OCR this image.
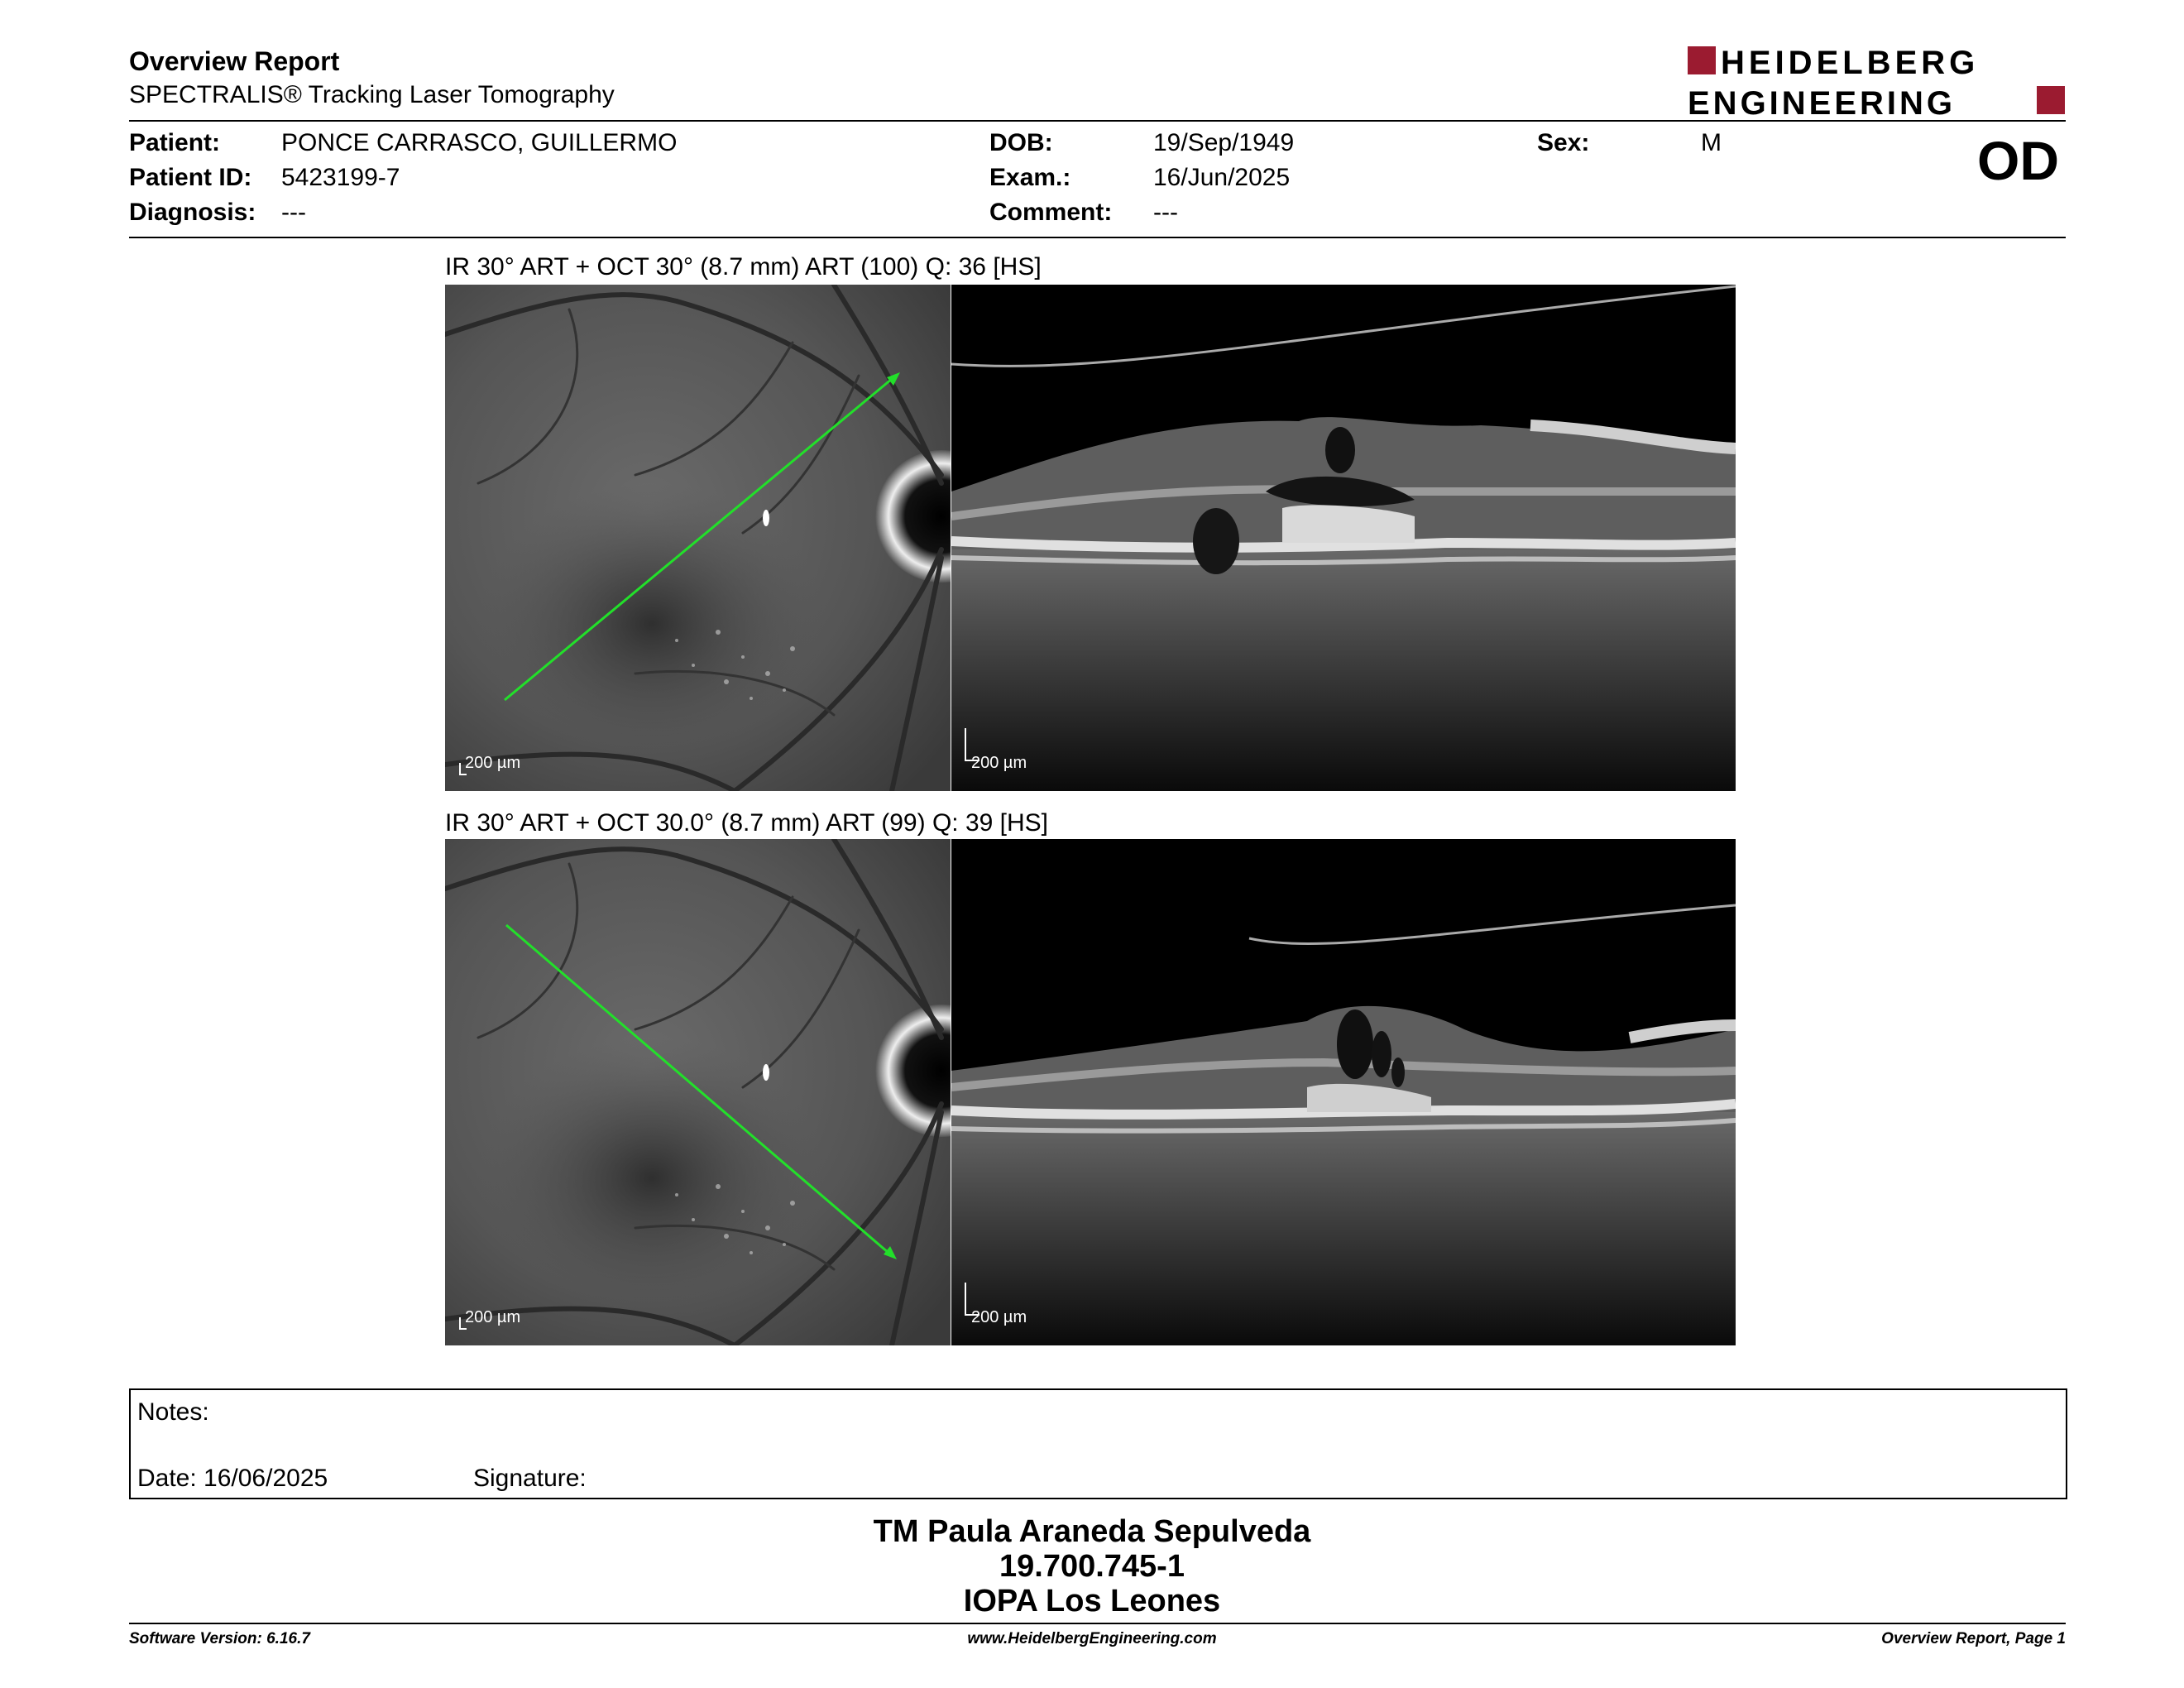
Overview Report
SPECTRALIS® Tracking Laser Tomography
HEIDELBERG
ENGINEERING
Patient: PONCE CARRASCO, GUILLERMO
Patient ID: 5423199-7
Diagnosis: ---
DOB:	19/Sep/1949
Exam.:	16/Jun/2025
Comment: ---
Sex:	M	OD
IR 30° ART + OCT 30° (8.7 mm) ART (100) Q: 36 [HS]
200 µm	200 µm
IR 30° ART + OCT 30.0° (8.7 mm) ART (99) Q: 39 [HS]
200 µm	200 µm
Notes:
Date: 16/06/2025	Signature:
TM Paula Araneda Sepulveda
19.700.745-1
IOPA Los Leones
Software Version: 6.16.7	www.HeidelbergEngineering.com	Overview Report, Page 1
